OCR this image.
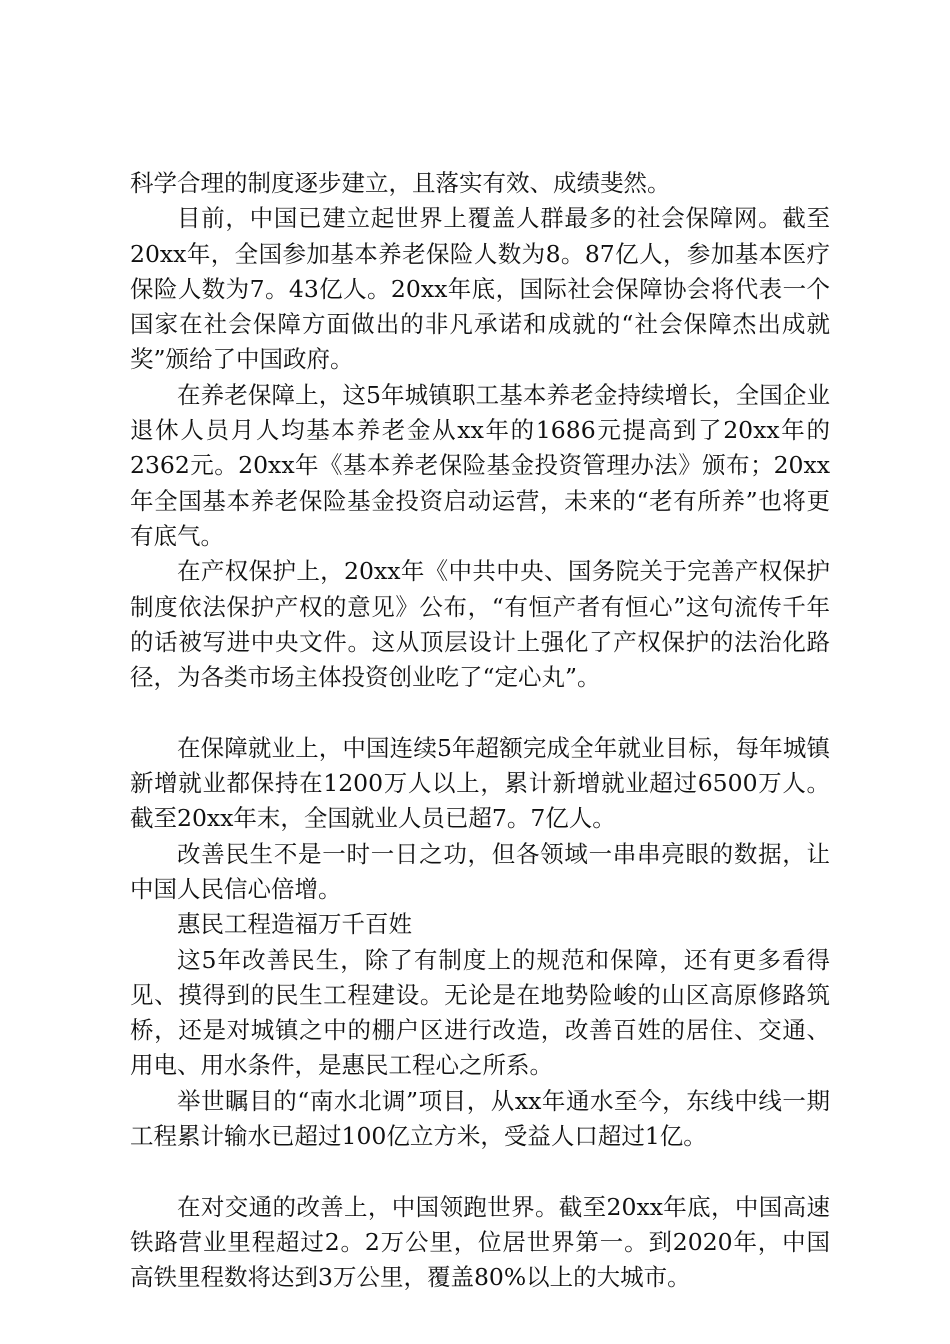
科学合理的制度逐步建立，且落实有效、成绩斐然。

目前，中国已建立起世界上覆盖人群最多的社会保障网。截至20xx年，全国参加基本养老保险人数为8。87亿人，参加基本医疗保险人数为7。43亿人。20xx年底，国际社会保障协会将代表一个国家在社会保障方面做出的非凡承诺和成就的“社会保障杰出成就奖”颁给了中国政府。

在养老保障上，这5年城镇职工基本养老金持续增长，全国企业退休人员月人均基本养老金从xx年的1686元提高到了20xx年的2362元。20xx年《基本养老保险基金投资管理办法》颁布；20xx年全国基本养老保险基金投资启动运营，未来的“老有所养”也将更有底气。

在产权保护上，20xx年《中共中央、国务院关于完善产权保护制度依法保护产权的意见》公布，“有恒产者有恒心”这句流传千年的话被写进中央文件。这从顶层设计上强化了产权保护的法治化路径，为各类市场主体投资创业吃了“定心丸”。

在保障就业上，中国连续5年超额完成全年就业目标，每年城镇新增就业都保持在1200万人以上，累计新增就业超过6500万人。截至20xx年末，全国就业人员已超7。7亿人。

改善民生不是一时一日之功，但各领域一串串亮眼的数据，让中国人民信心倍增。

惠民工程造福万千百姓

这5年改善民生，除了有制度上的规范和保障，还有更多看得见、摸得到的民生工程建设。无论是在地势险峻的山区高原修路筑桥，还是对城镇之中的棚户区进行改造，改善百姓的居住、交通、用电、用水条件，是惠民工程心之所系。

举世瞩目的“南水北调”项目，从xx年通水至今，东线中线一期工程累计输水已超过100亿立方米，受益人口超过1亿。

在对交通的改善上，中国领跑世界。截至20xx年底，中国高速铁路营业里程超过2。2万公里，位居世界第一。到2020年，中国高铁里程数将达到3万公里，覆盖80%以上的大城市。
